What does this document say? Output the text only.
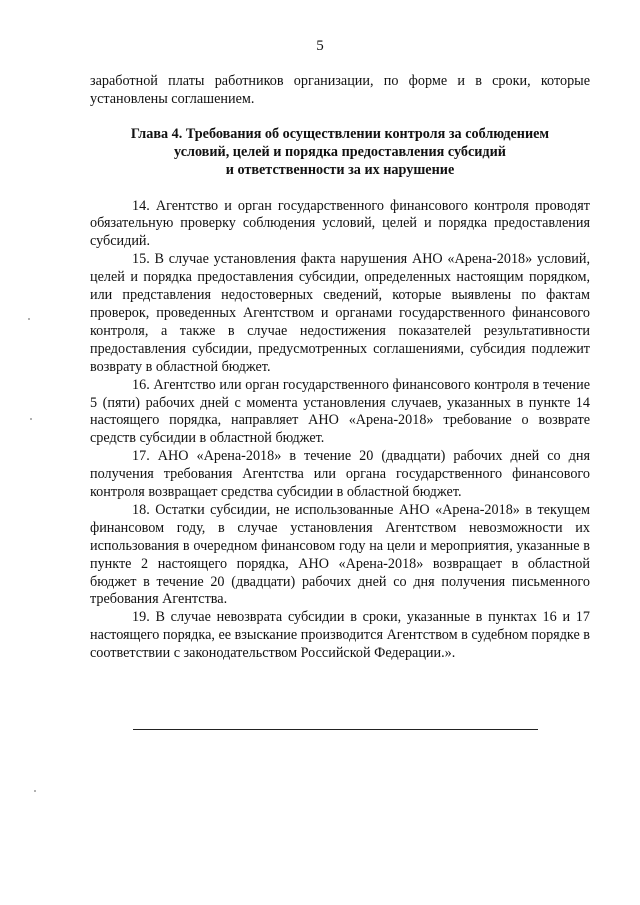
5

заработной платы работников организации, по форме и в сроки, которые установлены соглашением.

Глава 4. Требования об осуществлении контроля за соблюдением
условий, целей и порядка предоставления субсидий
и ответственности за их нарушение

14. Агентство и орган государственного финансового контроля проводят обязательную проверку соблюдения условий, целей и порядка предоставления субсидий.

15. В случае установления факта нарушения АНО «Арена-2018» условий, целей и порядка предоставления субсидии, определенных настоящим порядком, или представления недостоверных сведений, которые выявлены по фактам проверок, проведенных Агентством и органами государственного финансового контроля, а также в случае недостижения показателей результативности предоставления субсидии, предусмотренных соглашениями, субсидия подлежит возврату в областной бюджет.

16. Агентство или орган государственного финансового контроля в течение 5 (пяти) рабочих дней с момента установления случаев, указанных в пункте 14 настоящего порядка, направляет АНО «Арена-2018» требование о возврате средств субсидии в областной бюджет.

17. АНО «Арена-2018» в течение 20 (двадцати) рабочих дней со дня получения требования Агентства или органа государственного финансового контроля возвращает средства субсидии в областной бюджет.

18. Остатки субсидии, не использованные АНО «Арена-2018» в текущем финансовом году, в случае установления Агентством невозможности их использования в очередном финансовом году на цели и мероприятия, указанные в пункте 2 настоящего порядка, АНО «Арена-2018» возвращает в областной бюджет в течение 20 (двадцати) рабочих дней со дня получения письменного требования Агентства.

19. В случае невозврата субсидии в сроки, указанные в пунктах 16 и 17 настоящего порядка, ее взыскание производится Агентством в судебном порядке в соответствии с законодательством Российской Федерации.».
